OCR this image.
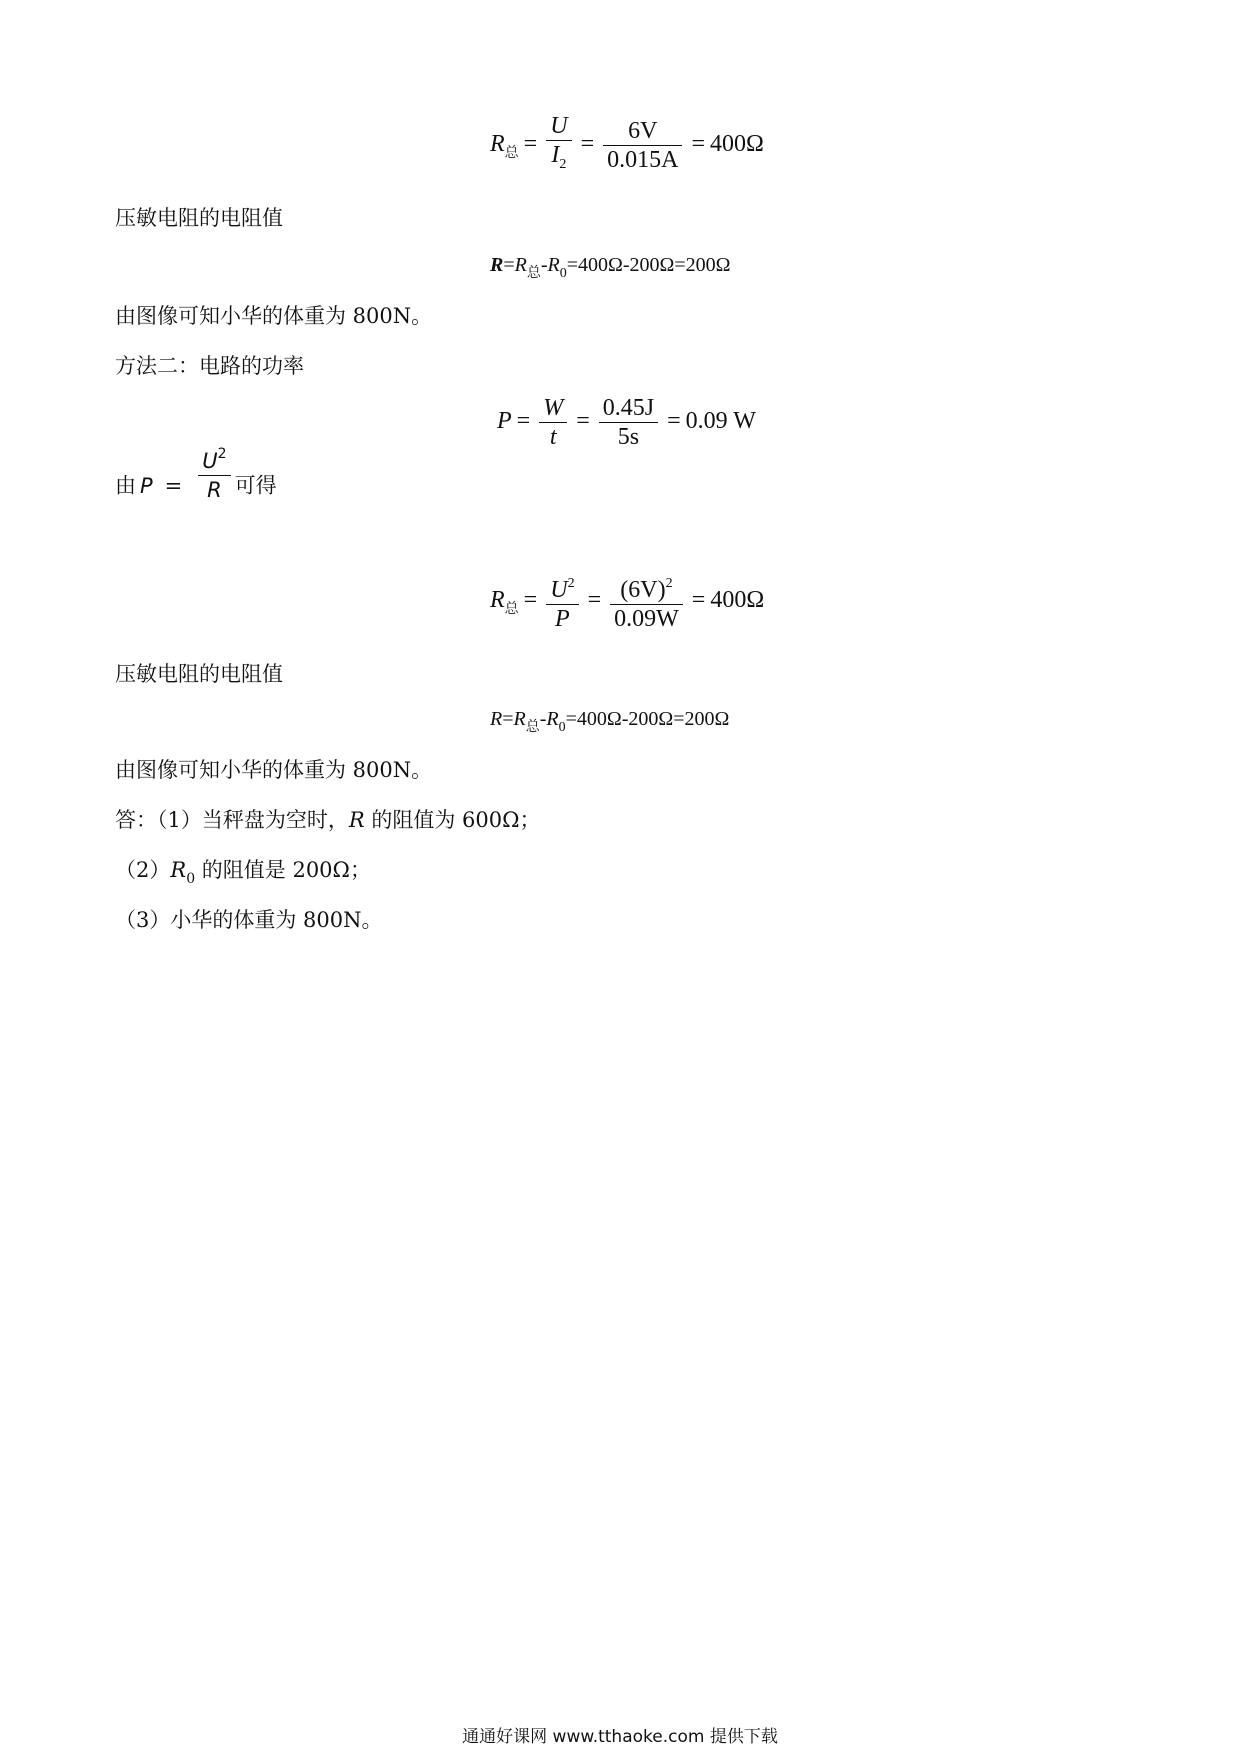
$R_总 = \frac{U}{I_2} = \frac{6V}{0.015A} = 400\Omega$
压敏电阻的电阻值
$R=R_总-R_0=400\Omega-200\Omega=200\Omega$
由图像可知小华的体重为 800N。
方法二：电路的功率
$P = \frac{W}{t} = \frac{0.45J}{5s} = 0.09$ W
由 $P = \frac{U^2}{R}$ 可得
$R_总 = \frac{U^2}{P} = \frac{(6V)^2}{0.09W} = 400\Omega$
压敏电阻的电阻值
$R=R_总-R_0=400\Omega-200\Omega=200\Omega$
由图像可知小华的体重为 800N。
答：（1）当秤盘为空时，R 的阻值为 600Ω；
$(2)R_0$ 的阻值是 200Ω；
（3）小华的体重为 800N。
通通好课网 www.tthaoke.com 提供下载
